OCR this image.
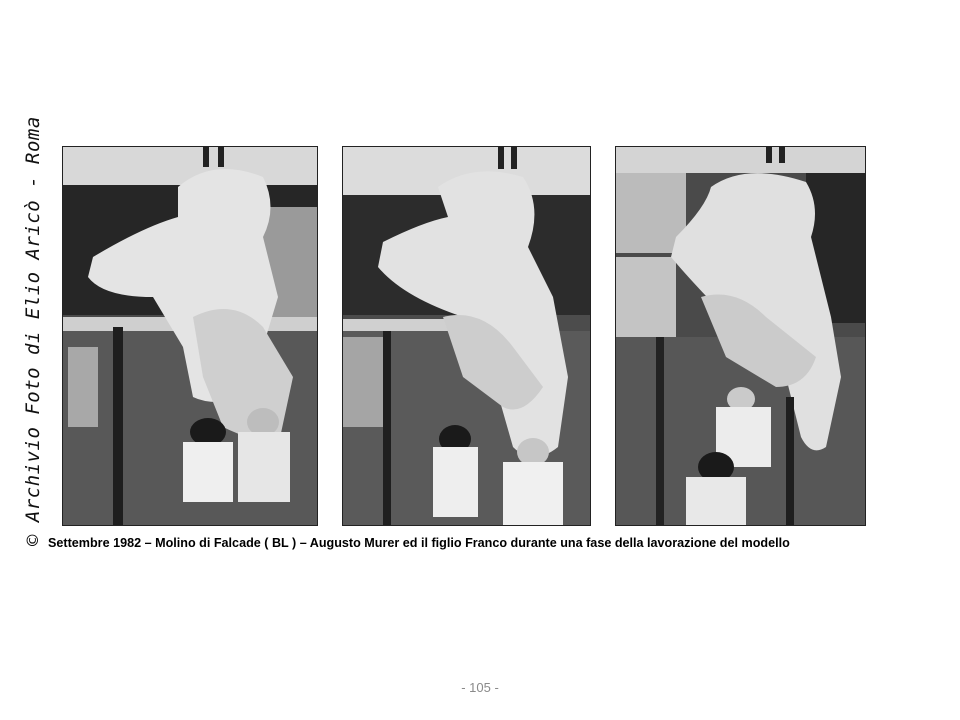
© Archivio Foto di Elio Aricò - Roma Settembre 1982 – Molino di Falcade ( BL ) – Augusto Murer ed il figlio Franco durante una fase della lavorazione del modello
- 105 -
